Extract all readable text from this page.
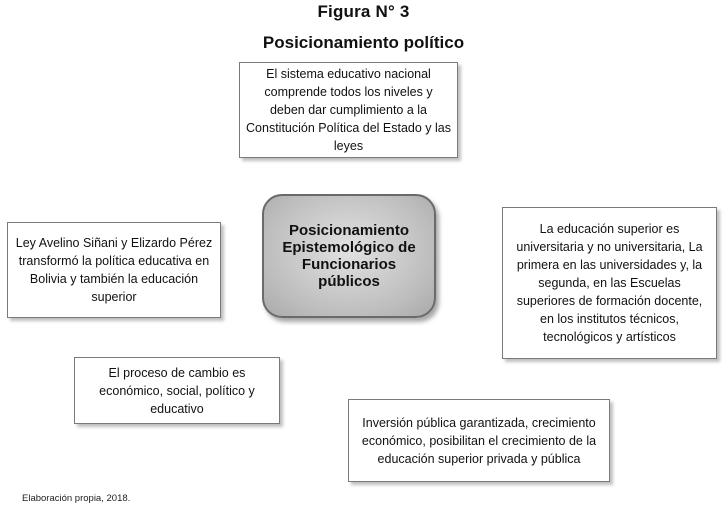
Figura N° 3
Posicionamiento político
El sistema educativo nacional comprende todos los niveles y deben dar cumplimiento a la Constitución Política del Estado y las leyes
Ley Avelino Siñani y Elizardo Pérez transformó la política educativa en Bolivia y también la educación superior
Posicionamiento Epistemológico de Funcionarios públicos
La educación superior es universitaria y no universitaria, La primera en las universidades y, la segunda, en las Escuelas superiores de formación docente, en los institutos técnicos, tecnológicos y artísticos
El proceso de cambio es económico, social, político y educativo
Inversión pública garantizada, crecimiento económico, posibilitan el crecimiento de la educación superior privada y pública
Elaboración propia, 2018.
